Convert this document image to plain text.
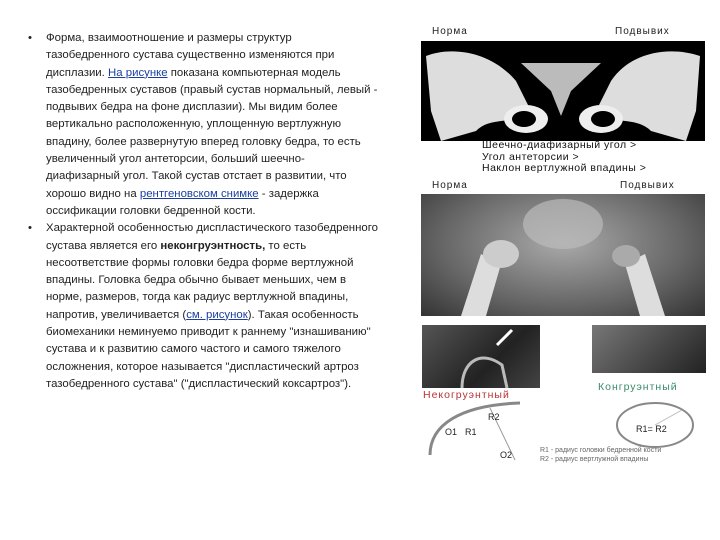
• Форма, взаимоотношение и размеры структур тазобедренного сустава существенно изменяются при дисплазии. На рисунке показана компьютерная модель тазобедренных суставов (правый сустав нормальный, левый - подвывих бедра на фоне дисплазии). Мы видим более вертикально расположенную, уплощенную вертлужную впадину, более развернутую вперед головку бедра, то есть увеличенный угол антеторсии, больший шеечно-диафизарный угол. Такой сустав отстает в развитии, что хорошо видно на рентгеновском снимке - задержка оссификации головки бедренной кости.
• Характерной особенностью диспластического тазобедренного сустава является его неконгруэнтность, то есть несоответствие формы головки бедра форме вертлужной впадины. Головка бедра обычно бывает меньших, чем в норме, размеров, тогда как радиус вертлужной впадины, напротив, увеличивается (см. рисунок). Такая особенность биомеханики неминуемо приводит к раннему "изнашиванию" сустава и к развитию самого частого и самого тяжелого осложнения, которое называется "диспластический артроз тазобедренного сустава" ("диспластический коксартроз").
Норма	Подвывих
Шеечно-диафизарный угол >
Угол антеторсии >
Наклон вертлужной впадины >
Норма	Подвывих
Некогруэнтный
Конгруэнтный
O1 R1
R2
O2
R1= R2
R1 - радиус головки бедренной кости
R2 - радиус вертлужной впадины
